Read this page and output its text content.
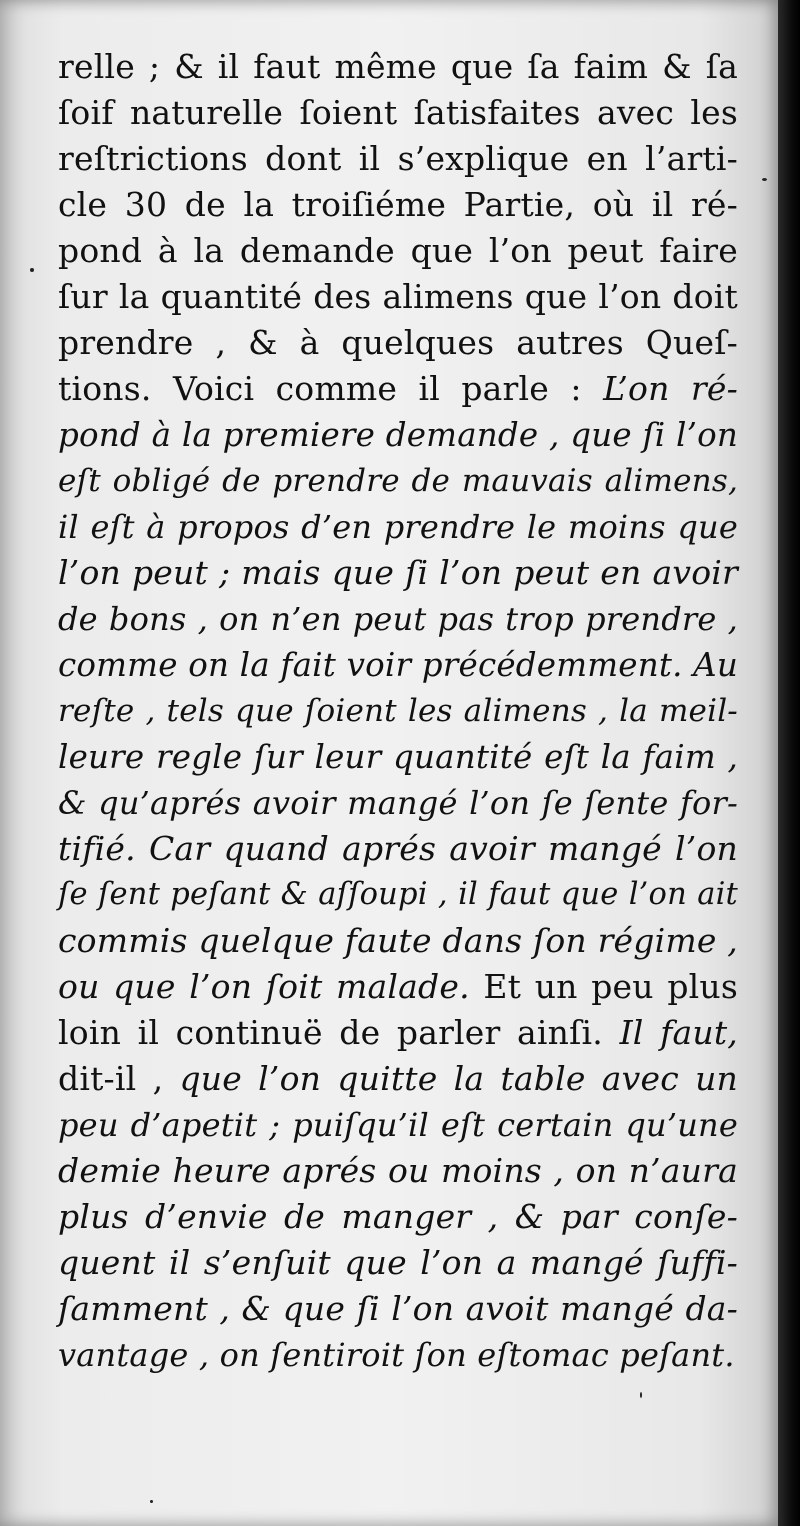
relle ; & il faut même que ſa faim & ſa
ſoif naturelle ſoient ſatisfaites avec les
reſtrictions dont il s’explique en l’arti-
cle 30 de la troiſiéme Partie, où il ré-
pond à la demande que l’on peut faire
ſur la quantité des alimens que l’on doit
prendre , & à quelques autres Queſ-
tions. Voici comme il parle : L’on ré-
pond à la premiere demande , que ſi l’on
eſt obligé de prendre de mauvais alimens,
il eſt à propos d’en prendre le moins que
l’on peut ; mais que ſi l’on peut en avoir
de bons , on n’en peut pas trop prendre ,
comme on la fait voir précédemment. Au
reſte , tels que ſoient les alimens , la meil-
leure regle ſur leur quantité eſt la faim ,
& qu’aprés avoir mangé l’on ſe ſente for-
tifié. Car quand aprés avoir mangé l’on
ſe ſent peſant & aſſoupi , il faut que l’on ait
commis quelque faute dans ſon régime ,
ou que l’on ſoit malade. Et un peu plus
loin il continuë de parler ainſi. Il faut,
dit-il , que l’on quitte la table avec un
peu d’apetit ; puiſqu’il eſt certain qu’une
demie heure aprés ou moins , on n’aura
plus d’envie de manger , & par conſe-
quent il s’enſuit que l’on a mangé ſuffi-
ſamment , & que ſi l’on avoit mangé da-
vantage , on ſentiroit ſon eſtomac peſant.
